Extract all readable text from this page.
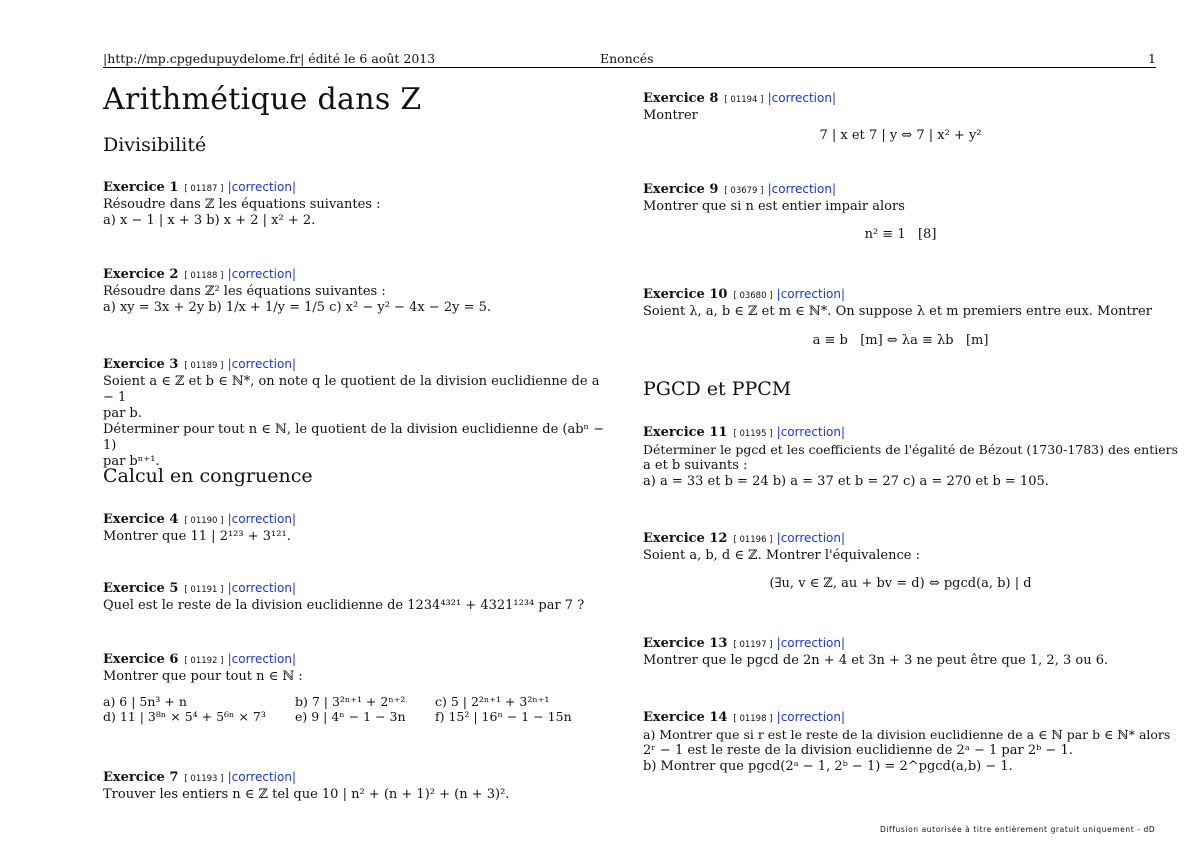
|http://mp.cpgedupuydelome.fr| édité le 6 août 2013	Enoncés	1
Arithmétique dans Z
Divisibilité
Exercice 1 [ 01187 ] |correction|
Résoudre dans ℤ les équations suivantes :
a) x − 1 | x + 3 b) x + 2 | x² + 2.
Exercice 2 [ 01188 ] |correction|
Résoudre dans ℤ² les équations suivantes :
a) xy = 3x + 2y b) 1/x + 1/y = 1/5 c) x² − y² − 4x − 2y = 5.
Exercice 3 [ 01189 ] |correction|
Soient a ∈ ℤ et b ∈ ℕ*, on note q le quotient de la division euclidienne de a − 1
par b.
Déterminer pour tout n ∈ ℕ, le quotient de la division euclidienne de (abⁿ − 1)
par bⁿ⁺¹.
Calcul en congruence
Exercice 4 [ 01190 ] |correction|
Montrer que 11 | 2¹²³ + 3¹²¹.
Exercice 5 [ 01191 ] |correction|
Quel est le reste de la division euclidienne de 1234⁴³²¹ + 4321¹²³⁴ par 7 ?
Exercice 6 [ 01192 ] |correction|
Montrer que pour tout n ∈ ℕ :
a) 6 | 5n³ + n	b) 7 | 3²ⁿ⁺¹ + 2ⁿ⁺²	c) 5 | 2²ⁿ⁺¹ + 3²ⁿ⁺¹
d) 11 | 3⁸ⁿ × 5⁴ + 5⁶ⁿ × 7³	e) 9 | 4ⁿ − 1 − 3n	f) 15² | 16ⁿ − 1 − 15n
Exercice 7 [ 01193 ] |correction|
Trouver les entiers n ∈ ℤ tel que 10 | n² + (n + 1)² + (n + 3)².
Exercice 8 [ 01194 ] |correction|
Montrer
7 | x et 7 | y ⇔ 7 | x² + y²
Exercice 9 [ 03679 ] |correction|
Montrer que si n est entier impair alors
n² ≡ 1   [8]
Exercice 10 [ 03680 ] |correction|
Soient λ, a, b ∈ ℤ et m ∈ ℕ*. On suppose λ et m premiers entre eux. Montrer
a ≡ b   [m] ⇔ λa ≡ λb   [m]
PGCD et PPCM
Exercice 11 [ 01195 ] |correction|
Déterminer le pgcd et les coefficients de l'égalité de Bézout (1730-1783) des entiers
a et b suivants :
a) a = 33 et b = 24 b) a = 37 et b = 27 c) a = 270 et b = 105.
Exercice 12 [ 01196 ] |correction|
Soient a, b, d ∈ ℤ. Montrer l'équivalence :
(∃u, v ∈ ℤ, au + bv = d) ⇔ pgcd(a, b) | d
Exercice 13 [ 01197 ] |correction|
Montrer que le pgcd de 2n + 4 et 3n + 3 ne peut être que 1, 2, 3 ou 6.
Exercice 14 [ 01198 ] |correction|
a) Montrer que si r est le reste de la division euclidienne de a ∈ ℕ par b ∈ ℕ* alors
2ʳ − 1 est le reste de la division euclidienne de 2ᵃ − 1 par 2ᵇ − 1.
b) Montrer que pgcd(2ᵃ − 1, 2ᵇ − 1) = 2^pgcd(a,b) − 1.
Diffusion autorisée à titre entièrement gratuit uniquement - dD
